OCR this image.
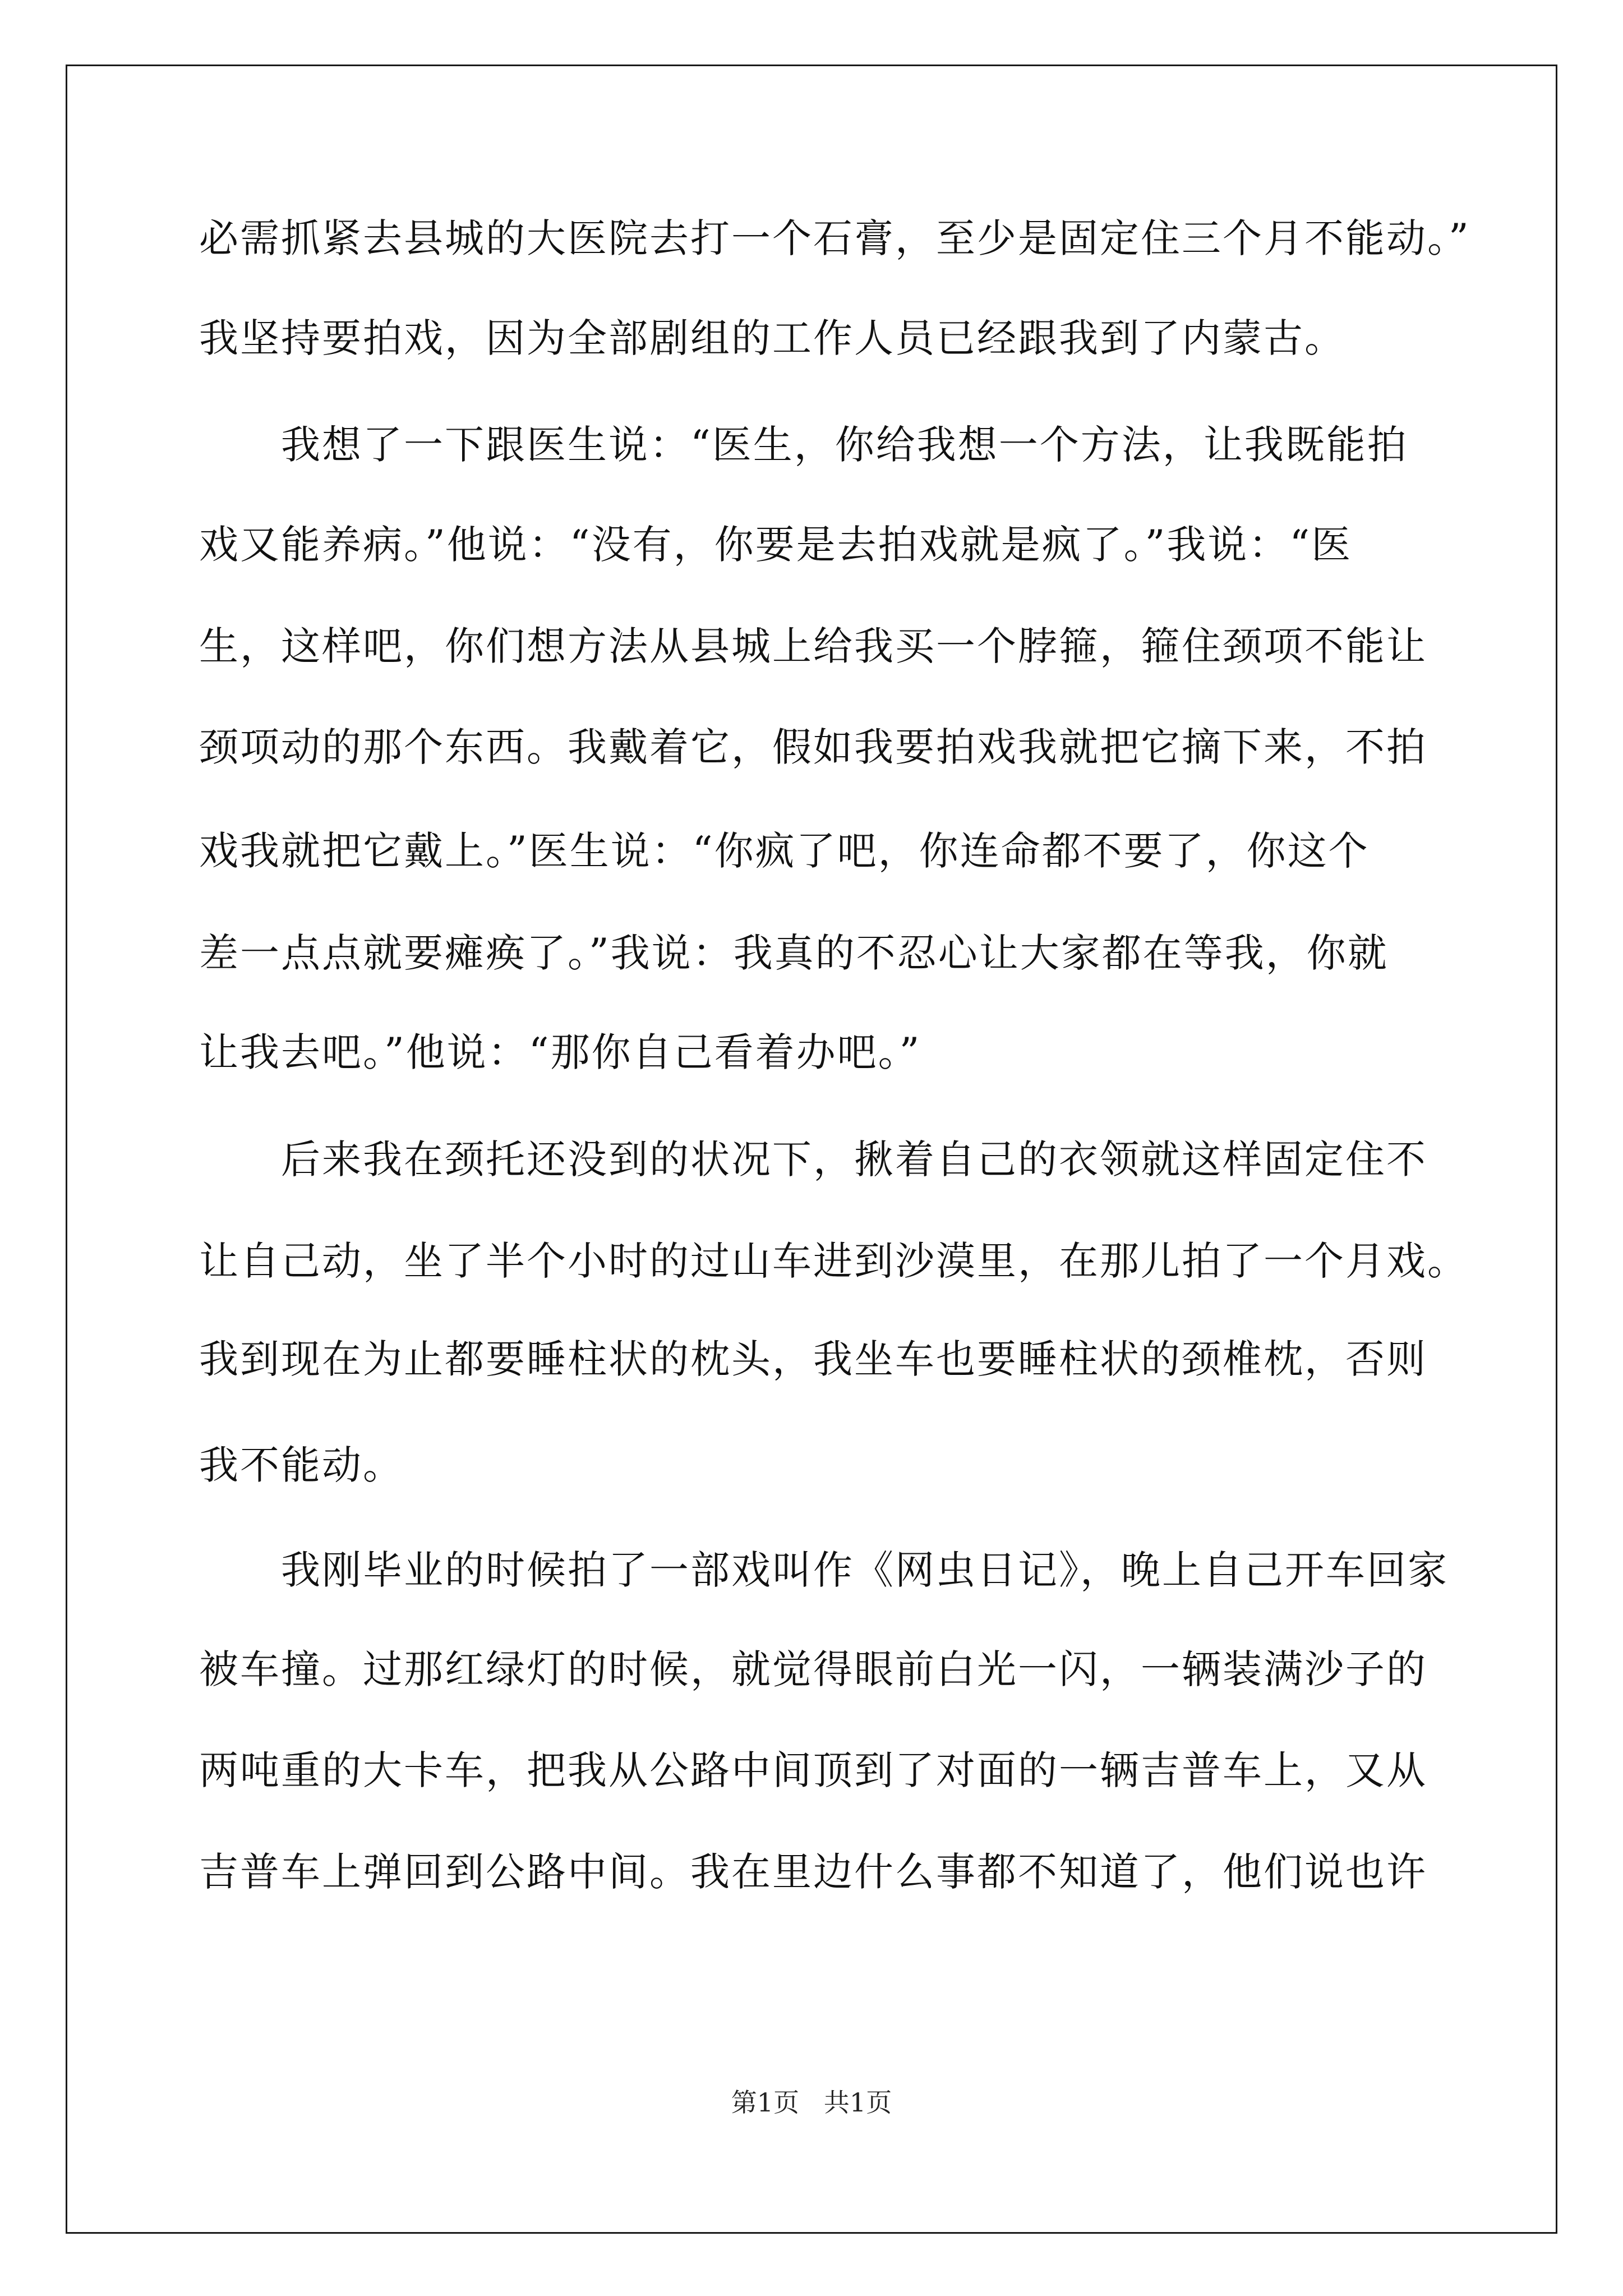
必需抓紧去县城的大医院去打一个石膏，至少是固定住三个月不能动。”

我坚持要拍戏，因为全部剧组的工作人员已经跟我到了内蒙古。

　　我想了一下跟医生说：“医生，你给我想一个方法，让我既能拍

戏又能养病。”他说：“没有，你要是去拍戏就是疯了。”我说：“医

生，这样吧，你们想方法从县城上给我买一个脖箍，箍住颈项不能让

颈项动的那个东西。我戴着它，假如我要拍戏我就把它摘下来，不拍

戏我就把它戴上。”医生说：“你疯了吧，你连命都不要了，你这个

差一点点就要瘫痪了。”我说：我真的不忍心让大家都在等我，你就

让我去吧。”他说：“那你自己看着办吧。”

　　后来我在颈托还没到的状况下，揪着自己的衣领就这样固定住不

让自己动，坐了半个小时的过山车进到沙漠里，在那儿拍了一个月戏。

我到现在为止都要睡柱状的枕头，我坐车也要睡柱状的颈椎枕，否则

我不能动。

　　我刚毕业的时候拍了一部戏叫作《网虫日记》，晚上自己开车回家

被车撞。过那红绿灯的时候，就觉得眼前白光一闪，一辆装满沙子的

两吨重的大卡车，把我从公路中间顶到了对面的一辆吉普车上，又从

吉普车上弹回到公路中间。我在里边什么事都不知道了，他们说也许

第1页   共1页
